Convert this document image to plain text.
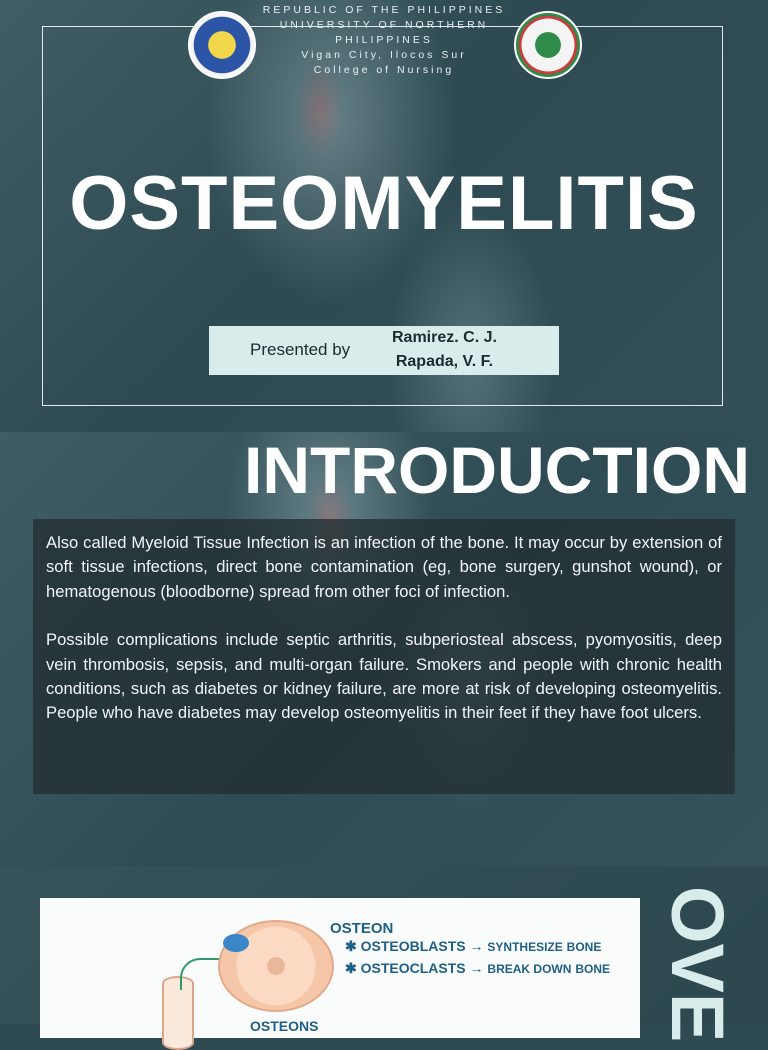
REPUBLIC OF THE PHILIPPINES
UNIVERSITY OF NORTHERN
PHILIPPINES
Vigan City, Ilocos Sur
College of Nursing
OSTEOMYELITIS
Presented by
Ramirez. C. J.
Rapada, V. F.
INTRODUCTION

Also called Myeloid Tissue Infection is an infection of the bone. It may occur by extension of soft tissue infections, direct bone contamination (eg, bone surgery, gunshot wound), or hematogenous (bloodborne) spread from other foci of infection.

Possible complications include septic arthritis, subperiosteal abscess, pyomyositis, deep vein thrombosis, sepsis, and multi-organ failure. Smokers and people with chronic health conditions, such as diabetes or kidney failure, are more at risk of developing osteomyelitis. People who have diabetes may develop osteomyelitis in their feet if they have foot ulcers.

OSTEON
✱ OSTEOBLASTS → SYNTHESIZE BONE
✱ OSTEOCLASTS → BREAK DOWN BONE
OSTEONS	OVE
